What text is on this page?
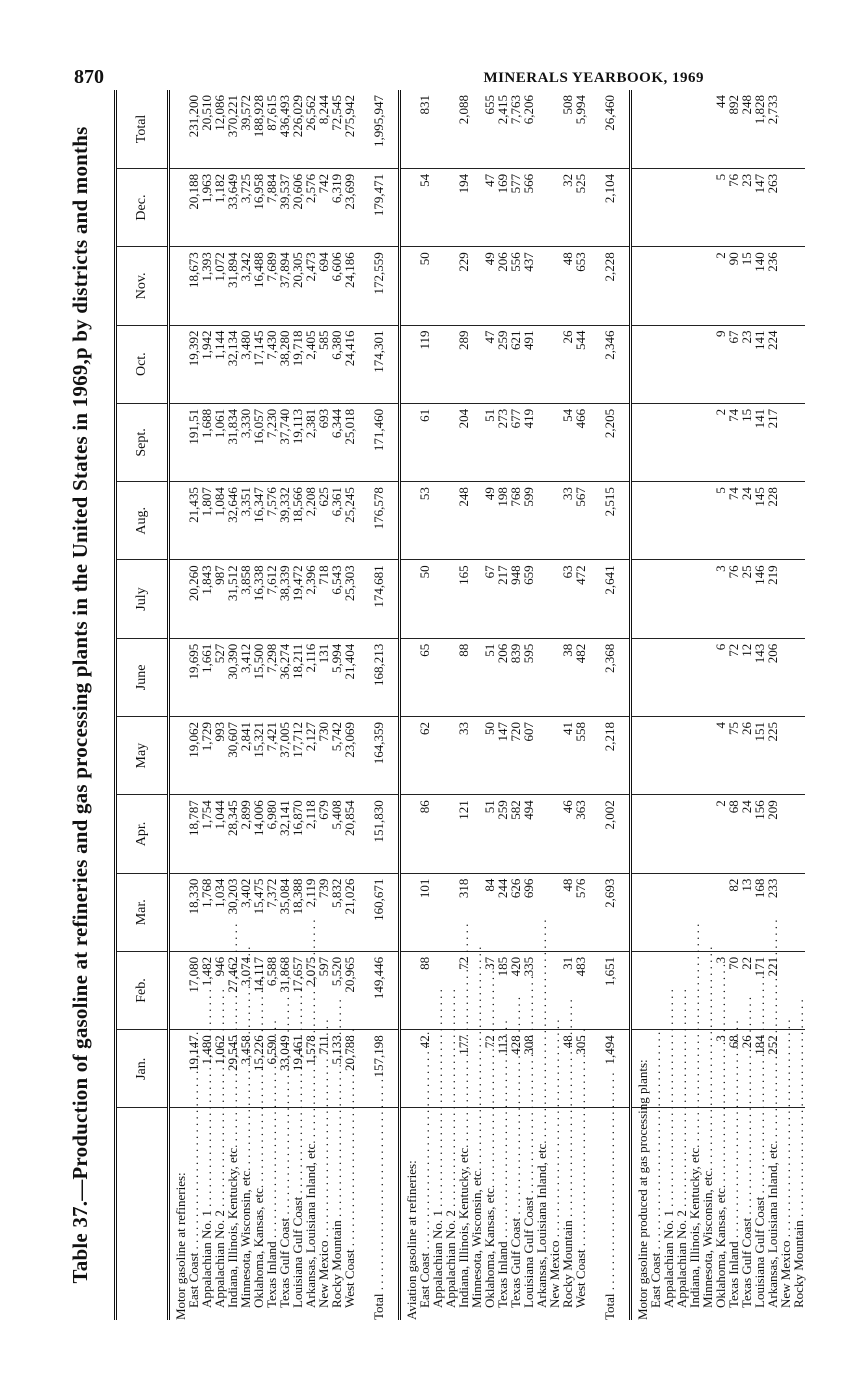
870	MINERALS YEARBOOK, 1969
Table 37.—Production of gasoline at refineries and gas processing plants in the United States in 1969,p by districts and months
		Jan.	Feb.	Mar.	Apr.	May	June	July	Aug.	Sept.	Oct.	Nov.	Dec.	Total
Motor gasoline at refineries:													
East Coast . . .	19,147	17,080	18,330	18,787	19,062	19,695	20,260	21,435	191,51	19,392	18,673	20,188	231,200
Appalachian No. 1 . . .	1,480	1,482	1,768	1,754	1,729	1,661	1,843	1,807	1,688	1,942	1,393	1,963	20,510
Appalachian No. 2 . . .	1,062	946	1,034	1,044	993	527	987	1,084	1,061	1,144	1,072	1,182	12,086
Indiana, Illinois, Kentucky, etc. . . .	29,545	27,462	30,203	28,345	30,607	30,390	31,512	32,646	31,834	32,134	31,894	33,649	370,221
Minnesota, Wisconsin, etc. . . .	3,458	3,074	3,402	2,899	2,841	3,412	3,858	3,351	3,330	3,480	3,242	3,725	39,572
Oklahoma, Kansas, etc. . . .	15,226	14,117	15,475	14,006	15,321	15,500	16,338	16,347	16,057	17,145	16,488	16,958	188,928
Texas Inland . . .	6,590	6,588	7,372	6,980	7,421	7,298	7,612	7,576	7,230	7,430	7,689	7,884	87,615
Texas Gulf Coast . . .	33,049	31,868	35,084	32,141	37,005	36,274	38,339	39,332	37,740	38,280	37,894	39,537	436,493
Louisiana Gulf Coast . . .	19,461	17,657	18,388	16,870	17,712	18,211	19,472	18,566	19,113	19,718	20,305	20,606	226,029
Arkansas, Louisiana Inland, etc. . . .	1,578	2,075	2,119	2,118	2,127	2,116	2,396	2,208	2,381	2,405	2,473	2,576	26,562
New Mexico . . .	711	597	739	679	730	131	718	625	693	585	694	742	8,244
Rocky Mountain . . .	5,133	5,520	5,832	5,408	5,742	5,994	6,543	6,361	6,344	6,380	6,606	6,319	72,545
West Coast . . .	20,788	20,965	21,026	20,854	23,069	21,404	25,303	25,245	25,018	24,416	24,186	23,699	275,942

Total . . .	157,198	149,446	160,671	151,830	164,359	168,213	174,681	176,578	171,460	174,301	172,559	179,471	1,995,947

Aviation gasoline at refineries:													
East Coast . . .	42	88	101	86	62	65	50	53	61	119	50	54	831
Appalachian No. 1 . . .													
Appalachian No. 2 . . .													
Indiana, Illinois, Kentucky, etc. . . .	177	72	318	121	33	88	165	248	204	289	229	194	2,088
Minnesota, Wisconsin, etc. . . .													
Oklahoma, Kansas, etc. . . .	72	37	84	51	50	51	67	49	51	47	49	47	655
Texas Inland . . .	113	185	244	259	147	206	217	198	273	259	206	169	2,415
Texas Gulf Coast . . .	428	420	626	582	720	839	948	768	677	621	556	577	7,763
Louisiana Gulf Coast . . .	308	335	696	494	607	595	659	599	419	491	437	566	6,206
Arkansas, Louisiana Inland, etc. . . .													
New Mexico . . .													
Rocky Mountain . . .	48	31	48	46	41	38	63	33	54	26	48	32	508
West Coast . . .	305	483	576	363	558	482	472	567	466	544	653	525	5,994

Total . . .	1,494	1,651	2,693	2,002	2,218	2,368	2,641	2,515	2,205	2,346	2,228	2,104	26,460

Motor gasoline produced at gas processing plants:													
East Coast . . .													
Appalachian No. 1 . . .													
Appalachian No. 2 . . .													
Indiana, Illinois, Kentucky, etc. . . .													
Minnesota, Wisconsin, etc. . . .													
Oklahoma, Kansas, etc. . . .	3	3		2	4	6	3	5	2	9	2	5	44
Texas Inland . . .	68	70	82	68	75	72	76	74	74	67	90	76	892
Texas Gulf Coast . . .	26	22	13	24	26	12	25	24	15	23	15	23	248
Louisiana Gulf Coast . . .	184	171	168	156	151	143	146	145	141	141	140	147	1,828
Arkansas, Louisiana Inland, etc. . . .	252	221	233	209	225	206	219	228	217	224	236	263	2,733
New Mexico . . .													
Rocky Mountain . . .													
